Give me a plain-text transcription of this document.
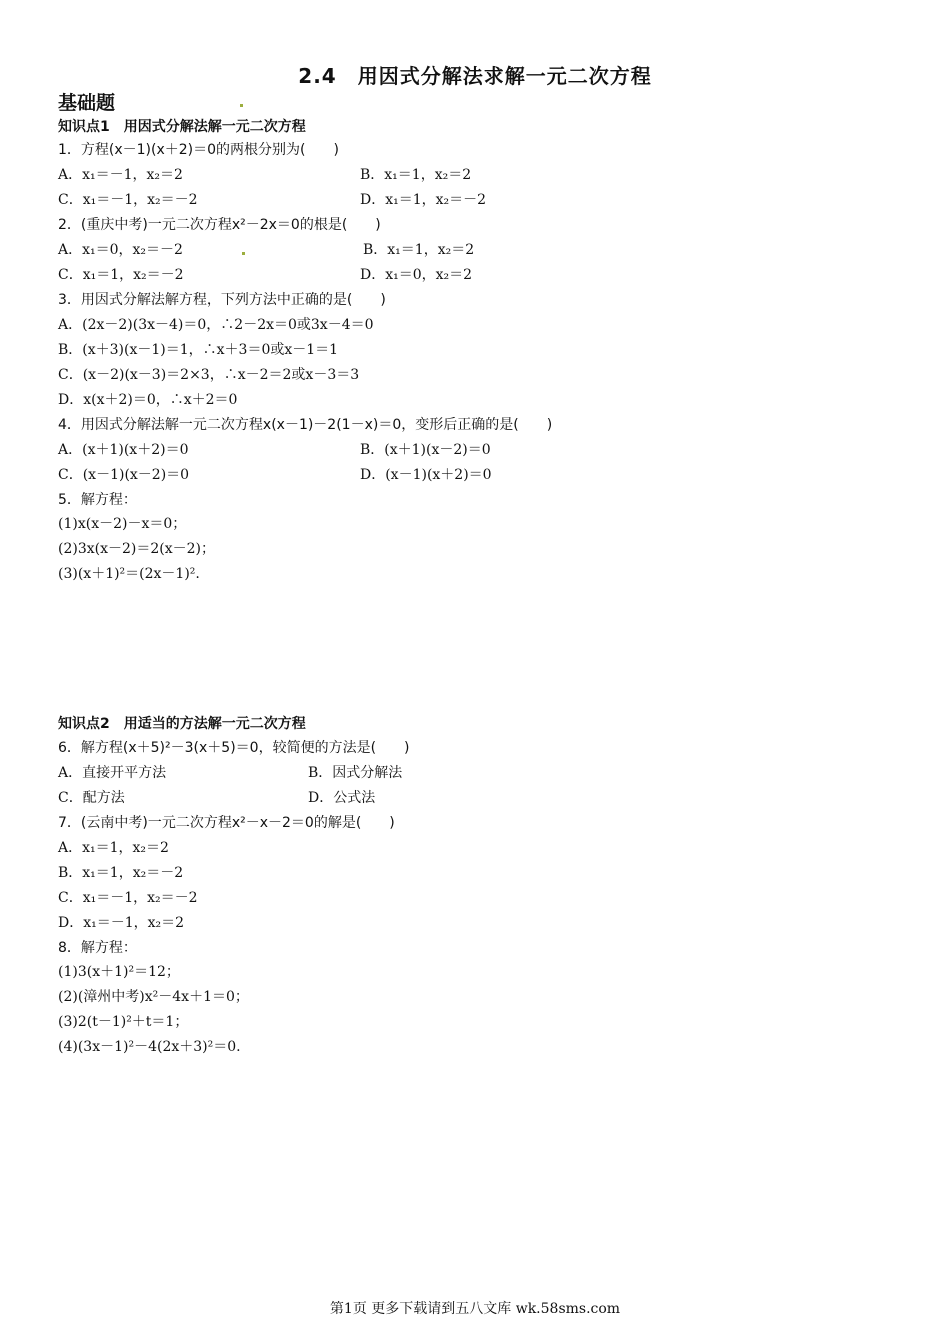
2.4　用因式分解法求解一元二次方程
基础题
知识点1　用因式分解法解一元二次方程
1．方程(x－1)(x＋2)＝0的两根分别为(　　)
A．x₁＝－1，x₂＝2	B．x₁＝1，x₂＝2
C．x₁＝－1，x₂＝－2	D．x₁＝1，x₂＝－2
2．(重庆中考)一元二次方程x²－2x＝0的根是(　　)
A．x₁＝0，x₂＝－2	B．x₁＝1，x₂＝2
C．x₁＝1，x₂＝－2	D．x₁＝0，x₂＝2
3．用因式分解法解方程，下列方法中正确的是(　　)
A．(2x－2)(3x－4)＝0，∴2－2x＝0或3x－4＝0
B．(x＋3)(x－1)＝1，∴x＋3＝0或x－1＝1
C．(x－2)(x－3)＝2×3，∴x－2＝2或x－3＝3
D．x(x＋2)＝0，∴x＋2＝0
4．用因式分解法解一元二次方程x(x－1)－2(1－x)＝0，变形后正确的是(　　)
A．(x＋1)(x＋2)＝0	B．(x＋1)(x－2)＝0
C．(x－1)(x－2)＝0	D．(x－1)(x＋2)＝0
5．解方程：
(1)x(x－2)－x＝0；
(2)3x(x－2)＝2(x－2)；
(3)(x＋1)²＝(2x－1)².
知识点2　用适当的方法解一元二次方程
6．解方程(x＋5)²－3(x＋5)＝0，较简便的方法是(　　)
A．直接开平方法	B．因式分解法
C．配方法	D．公式法
7．(云南中考)一元二次方程x²－x－2＝0的解是(　　)
A．x₁＝1，x₂＝2
B．x₁＝1，x₂＝－2
C．x₁＝－1，x₂＝－2
D．x₁＝－1，x₂＝2
8．解方程：
(1)3(x＋1)²＝12；
(2)(漳州中考)x²－4x＋1＝0；
(3)2(t－1)²＋t＝1；
(4)(3x－1)²－4(2x＋3)²＝0.
第1页 更多下载请到五八文库 wk.58sms.com
